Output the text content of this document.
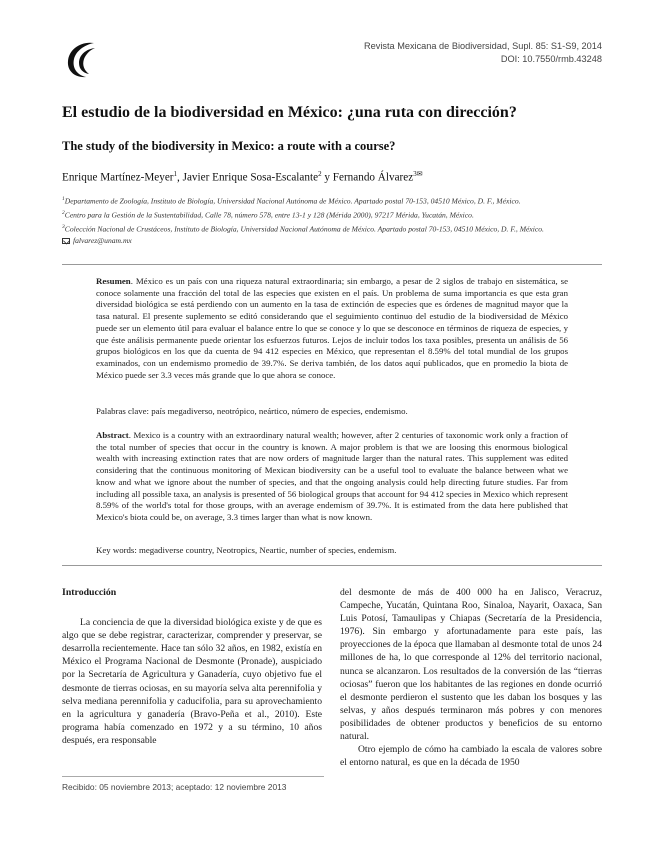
Revista Mexicana de Biodiversidad, Supl. 85: S1-S9, 2014
DOI: 10.7550/rmb.43248
El estudio de la biodiversidad en México: ¿una ruta con dirección?
The study of the biodiversity in Mexico: a route with a course?
Enrique Martínez-Meyer$^1$, Javier Enrique Sosa-Escalante$^2$ y Fernando Álvarez$^{3✉}$
$^1$Departamento de Zoología, Instituto de Biología, Universidad Nacional Autónoma de México. Apartado postal 70-153, 04510 México, D. F., México.
$^2$Centro para la Gestión de la Sustentabilidad, Calle 78, número 578, entre 13-1 y 128 (Mérida 2000), 97217 Mérida, Yucatán, México.
$^3$Colección Nacional de Crustáceos, Instituto de Biología, Universidad Nacional Autónoma de México. Apartado postal 70-153, 04510 México, D. F., México.
falvarez@unam.mx
Resumen. México es un país con una riqueza natural extraordinaria; sin embargo, a pesar de 2 siglos de trabajo en sistemática, se conoce solamente una fracción del total de las especies que existen en el país. Un problema de suma importancia es que esta gran diversidad biológica se está perdiendo con un aumento en la tasa de extinción de especies que es órdenes de magnitud mayor que la tasa natural. El presente suplemento se editó considerando que el seguimiento continuo del estudio de la biodiversidad de México puede ser un elemento útil para evaluar el balance entre lo que se conoce y lo que se desconoce en términos de riqueza de especies, y que éste análisis permanente puede orientar los esfuerzos futuros. Lejos de incluir todos los taxa posibles, presenta un análisis de 56 grupos biológicos en los que da cuenta de 94 412 especies en México, que representan el 8.59% del total mundial de los grupos examinados, con un endemismo promedio de 39.7%. Se deriva también, de los datos aquí publicados, que en promedio la biota de México puede ser 3.3 veces más grande que lo que ahora se conoce.
Palabras clave: país megadiverso, neotrópico, neártico, número de especies, endemismo.
Abstract. Mexico is a country with an extraordinary natural wealth; however, after 2 centuries of taxonomic work only a fraction of the total number of species that occur in the country is known. A major problem is that we are loosing this enormous biological wealth with increasing extinction rates that are now orders of magnitude larger than the natural rates. This supplement was edited considering that the continuous monitoring of Mexican biodiversity can be a useful tool to evaluate the balance between what we know and what we ignore about the number of species, and that the ongoing analysis could help directing future studies. Far from including all possible taxa, an analysis is presented of 56 biological groups that account for 94 412 species in Mexico which represent 8.59% of the world's total for those groups, with an average endemism of 39.7%. It is estimated from the data here published that Mexico's biota could be, on average, 3.3 times larger than what is now known.
Key words: megadiverse country, Neotropics, Neartic, number of species, endemism.
Introducción

La conciencia de que la diversidad biológica existe y de que es algo que se debe registrar, caracterizar, comprender y preservar, se desarrolla recientemente. Hace tan sólo 32 años, en 1982, existía en México el Programa Nacional de Desmonte (Pronade), auspiciado por la Secretaría de Agricultura y Ganadería, cuyo objetivo fue el desmonte de tierras ociosas, en su mayoría selva alta perennifolia y selva mediana perennifolia y caducifolia, para su aprovechamiento en la agricultura y ganadería (Bravo-Peña et al., 2010). Este programa había comenzado en 1972 y a su término, 10 años después, era responsable

del desmonte de más de 400 000 ha en Jalisco, Veracruz, Campeche, Yucatán, Quintana Roo, Sinaloa, Nayarit, Oaxaca, San Luis Potosí, Tamaulipas y Chiapas (Secretaría de la Presidencia, 1976). Sin embargo y afortunadamente para este país, las proyecciones de la época que llamaban al desmonte total de unos 24 millones de ha, lo que corresponde al 12% del territorio nacional, nunca se alcanzaron. Los resultados de la conversión de las “tierras ociosas” fueron que los habitantes de las regiones en donde ocurrió el desmonte perdieron el sustento que les daban los bosques y las selvas, y años después terminaron más pobres y con menores posibilidades de obtener productos y beneficios de su entorno natural.

Otro ejemplo de cómo ha cambiado la escala de valores sobre el entorno natural, es que en la década de 1950

Recibido: 05 noviembre 2013; aceptado: 12 noviembre 2013
